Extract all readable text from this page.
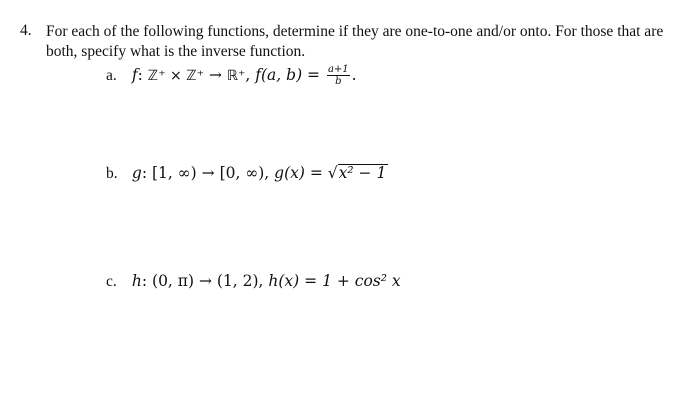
4. For each of the following functions, determine if they are one-to-one and/or onto. For those that are both, specify what is the inverse function.
a. f: ℤ⁺ × ℤ⁺ → ℝ⁺, f(a, $b) = \frac{a+1}{b}$ .
b. g: [1, ∞) → [0, ∞), g(x) = √x² − 1
c. h: (0, π) → (1, 2), h(x) = 1 + cos² x
